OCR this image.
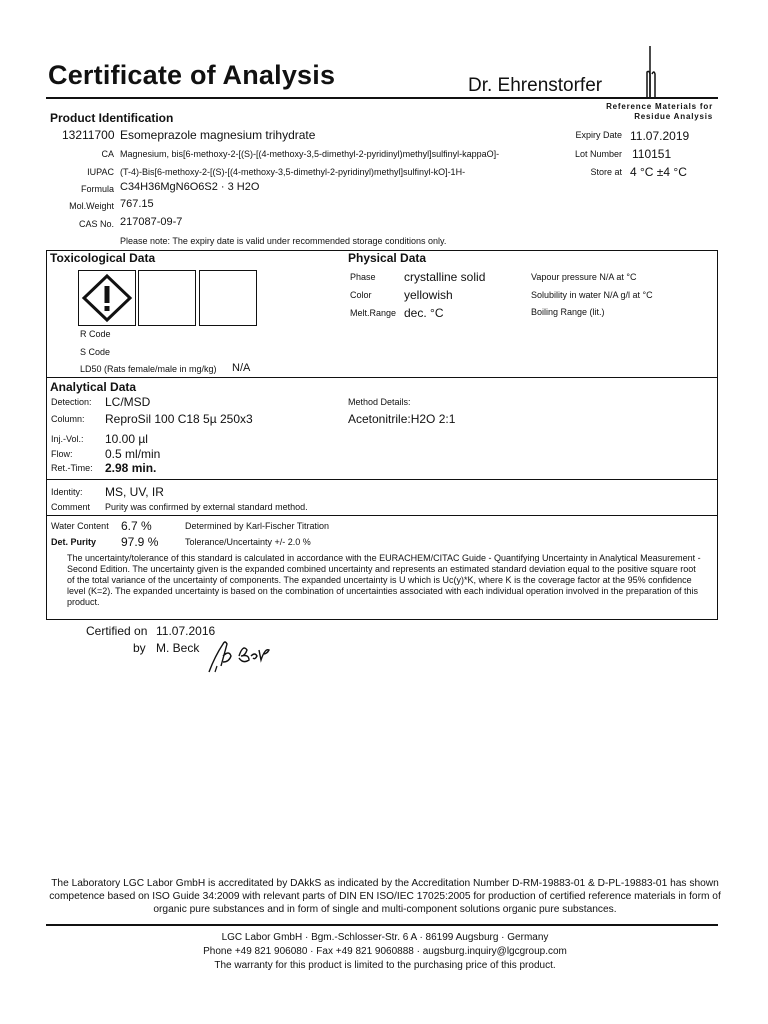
Certificate of Analysis	Dr. Ehrenstorfer
Reference Materials for
Residue Analysis
Product Identification
13211700 Esomeprazole magnesium trihydrate
CA Magnesium, bis[6-methoxy-2-[(S)-[(4-methoxy-3,5-dimethyl-2-pyridinyl)methyl]sulfinyl-kappaO]-
IUPAC (T-4)-Bis[6-methoxy-2-[(S)-[(4-methoxy-3,5-dimethyl-2-pyridinyl)methyl]sulfinyl-kO]-1H-
Formula C34H36MgN6O6S2 · 3 H2O
Mol.Weight 767.15
CAS No. 217087-09-7
Please note: The expiry date is valid under recommended storage conditions only.
Expiry Date 11.07.2019
Lot Number 110151
Store at 4 °C ±4 °C
Toxicological Data
R Code
S Code
LD50 (Rats female/male in mg/kg) N/A
Physical Data
Phase crystalline solid
Color	yellowish
Melt.Range dec. °C
Vapour pressure N/A at °C
Solubility in water N/A g/l at °C
Boiling Range (lit.)
Analytical Data
Detection: LC/MSD
Column: ReproSil 100 C18 5µ 250x3
Method Details:
Acetonitrile:H2O 2:1
Inj.-Vol.: 10.00 µl
Flow:	0.5 ml/min
Ret.-Time: 2.98 min.
Identity: MS, UV, IR
Comment Purity was confirmed by external standard method.
Water Content 6.7 %	Determined by Karl-Fischer Titration
Det. Purity 97.9 %	Tolerance/Uncertainty +/- 2.0 %
The uncertainty/tolerance of this standard is calculated in accordance with the EURACHEM/CITAC Guide - Quantifying Uncertainty in Analytical Measurement - Second Edition. The uncertainty given is the expanded combined uncertainty and represents an estimated standard deviation equal to the positive square root of the total variance of the uncertainty of components. The expanded uncertainty is U which is Uc(y)*K, where K is the coverage factor at the 95% confidence level (K=2). The expanded uncertainty is based on the combination of uncertainties associated with each individual operation involved in the preparation of this product.
Certified on 11.07.2016
by M. Beck
The Laboratory LGC Labor GmbH is accreditated by DAkkS as indicated by the Accreditation Number D-RM-19883-01 & D-PL-19883-01 has shown competence based on ISO Guide 34:2009 with relevant parts of DIN EN ISO/IEC 17025:2005 for production of certified reference materials in form of organic pure substances and in form of single and multi-component solutions organic pure substances.
LGC Labor GmbH · Bgm.-Schlosser-Str. 6 A · 86199 Augsburg · Germany
Phone +49 821 906080 · Fax +49 821 9060888 · augsburg.inquiry@lgcgroup.com
The warranty for this product is limited to the purchasing price of this product.
